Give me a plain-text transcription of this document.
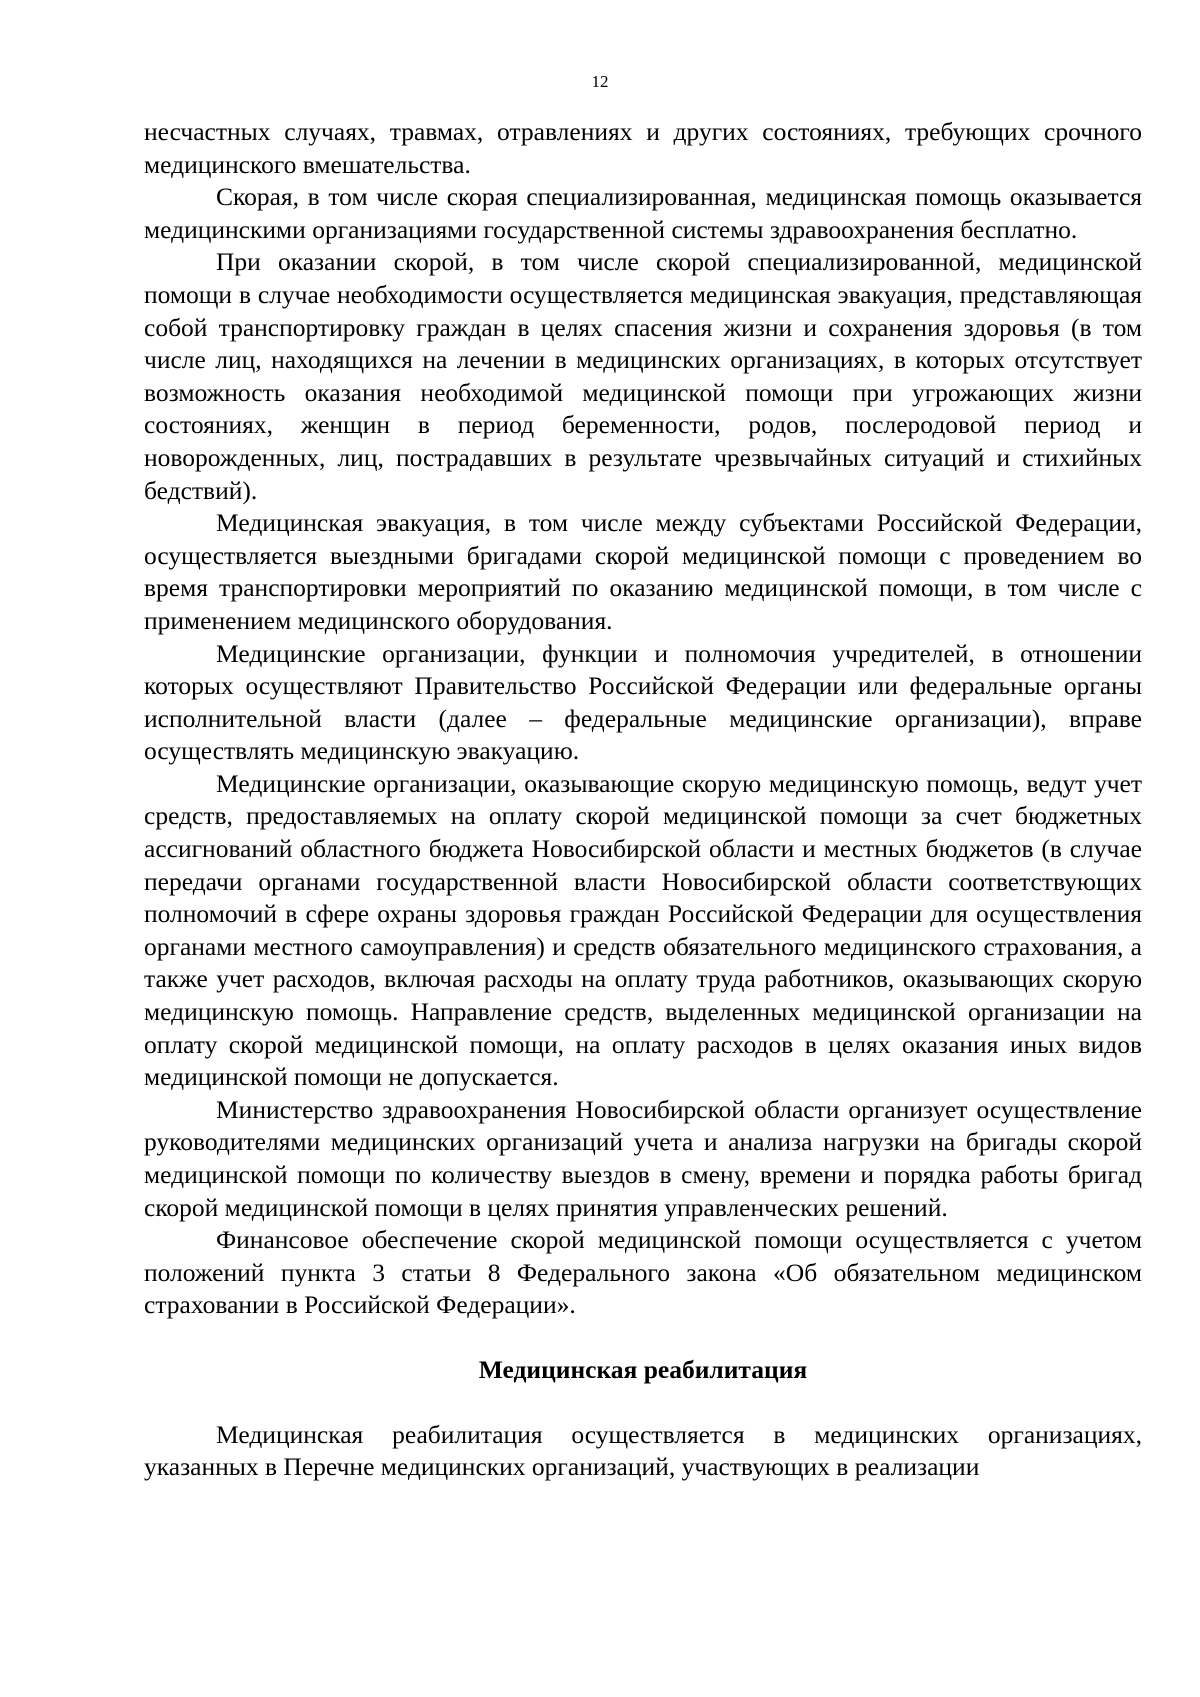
12

несчастных случаях, травмах, отравлениях и других состояниях, требующих срочного медицинского вмешательства.

Скорая, в том числе скорая специализированная, медицинская помощь оказывается медицинскими организациями государственной системы здравоохранения бесплатно.

При оказании скорой, в том числе скорой специализированной, медицинской помощи в случае необходимости осуществляется медицинская эвакуация, представляющая собой транспортировку граждан в целях спасения жизни и сохранения здоровья (в том числе лиц, находящихся на лечении в медицинских организациях, в которых отсутствует возможность оказания необходимой медицинской помощи при угрожающих жизни состояниях, женщин в период беременности, родов, послеродовой период и новорожденных, лиц, пострадавших в результате чрезвычайных ситуаций и стихийных бедствий).

Медицинская эвакуация, в том числе между субъектами Российской Федерации, осуществляется выездными бригадами скорой медицинской помощи с проведением во время транспортировки мероприятий по оказанию медицинской помощи, в том числе с применением медицинского оборудования.

Медицинские организации, функции и полномочия учредителей, в отношении которых осуществляют Правительство Российской Федерации или федеральные органы исполнительной власти (далее – федеральные медицинские организации), вправе осуществлять медицинскую эвакуацию.

Медицинские организации, оказывающие скорую медицинскую помощь, ведут учет средств, предоставляемых на оплату скорой медицинской помощи за счет бюджетных ассигнований областного бюджета Новосибирской области и местных бюджетов (в случае передачи органами государственной власти Новосибирской области соответствующих полномочий в сфере охраны здоровья граждан Российской Федерации для осуществления органами местного самоуправления) и средств обязательного медицинского страхования, а также учет расходов, включая расходы на оплату труда работников, оказывающих скорую медицинскую помощь. Направление средств, выделенных медицинской организации на оплату скорой медицинской помощи, на оплату расходов в целях оказания иных видов медицинской помощи не допускается.

Министерство здравоохранения Новосибирской области организует осуществление руководителями медицинских организаций учета и анализа нагрузки на бригады скорой медицинской помощи по количеству выездов в смену, времени и порядка работы бригад скорой медицинской помощи в целях принятия управленческих решений.

Финансовое обеспечение скорой медицинской помощи осуществляется с учетом положений пункта 3 статьи 8 Федерального закона «Об обязательном медицинском страховании в Российской Федерации».

Медицинская реабилитация

Медицинская реабилитация осуществляется в медицинских организациях, указанных в Перечне медицинских организаций, участвующих в реализации
